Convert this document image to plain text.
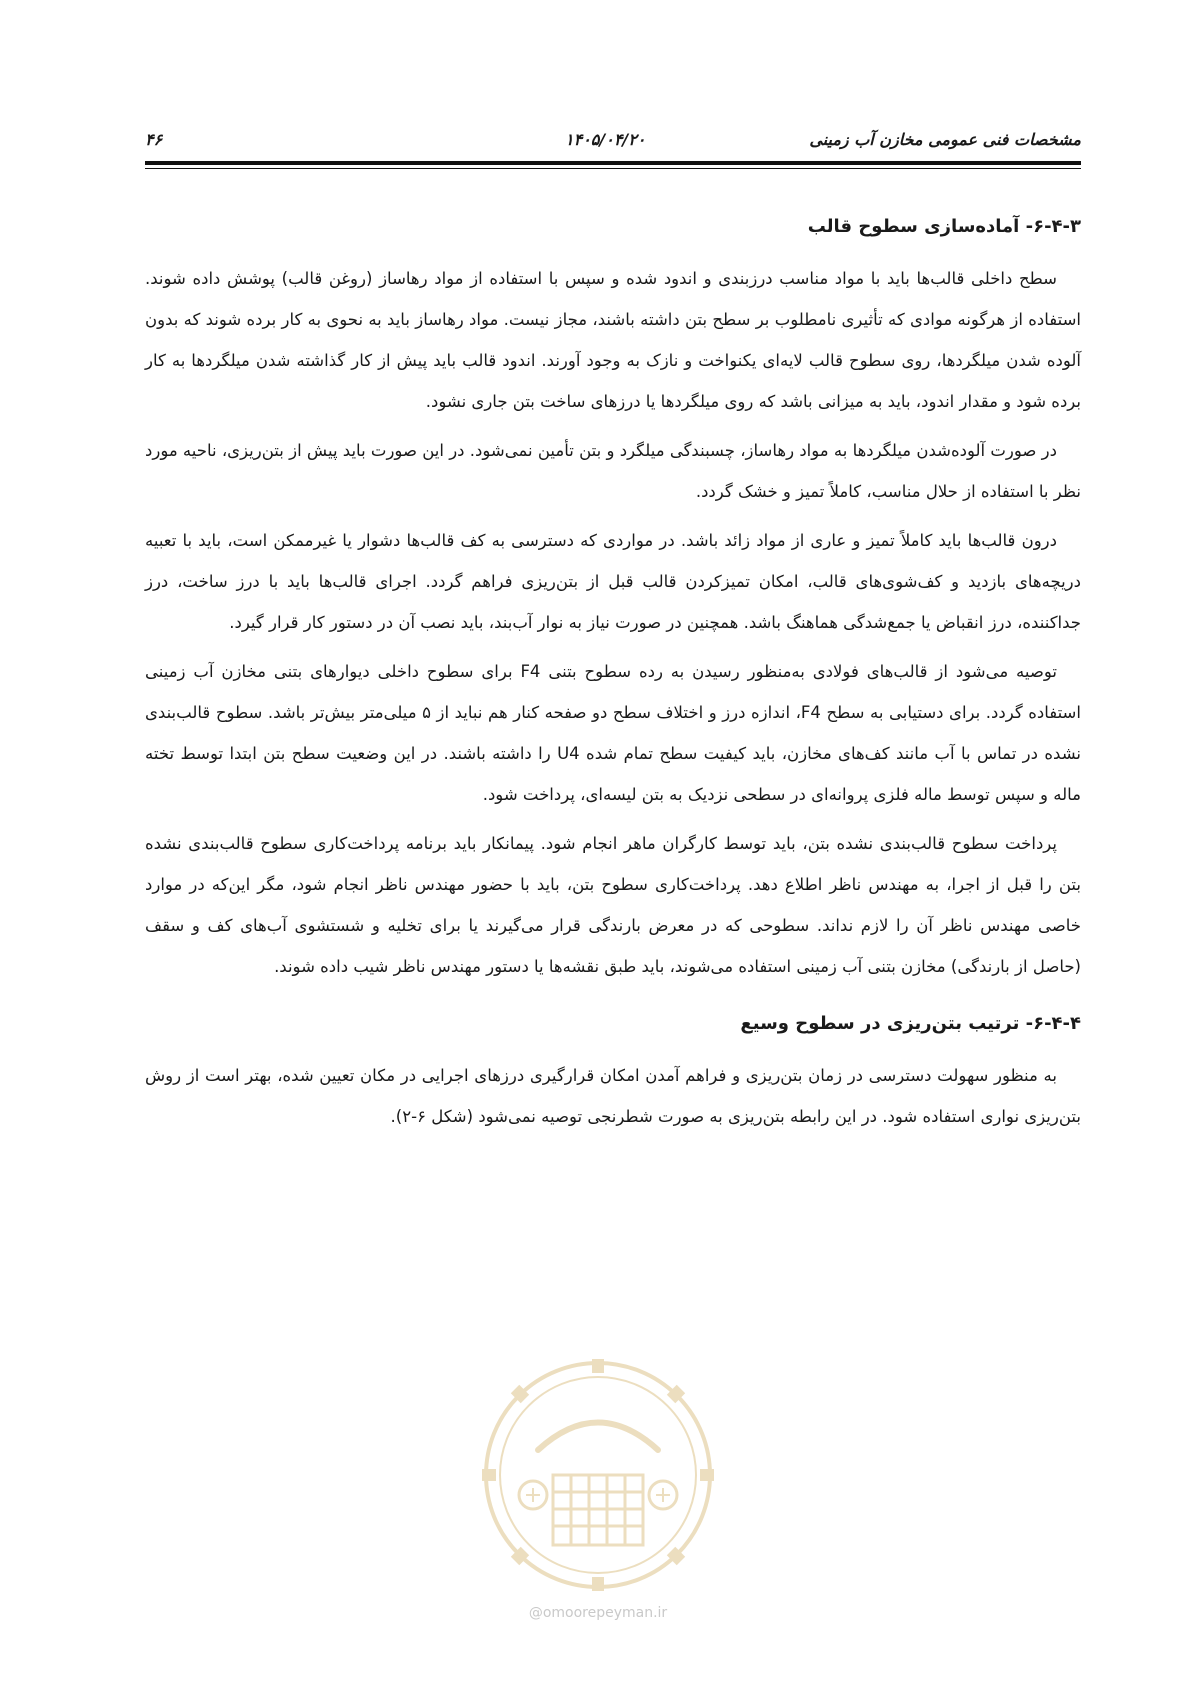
مشخصات فنی عمومی مخازن آب زمینی
۱۴۰۵/۰۴/۲۰
۴۶
۶-۴-۳- آماده‌سازی سطوح قالب

سطح داخلی قالب‌ها باید با مواد مناسب درزبندی و اندود شده و سپس با استفاده از مواد رهاساز (روغن قالب) پوشش داده شوند. استفاده از هرگونه موادی که تأثیری نامطلوب بر سطح بتن داشته باشند، مجاز نیست. مواد رهاساز باید به نحوی به کار برده شوند که بدون آلوده شدن میلگردها، روی سطوح قالب لایه‌ای یکنواخت و نازک به وجود آورند. اندود قالب باید پیش از کار گذاشته شدن میلگردها به کار برده شود و مقدار اندود، باید به میزانی باشد که روی میلگردها یا درزهای ساخت بتن جاری نشود.

در صورت آلوده‌شدن میلگردها به مواد رهاساز، چسبندگی میلگرد و بتن تأمین نمی‌شود. در این صورت باید پیش از بتن‌ریزی، ناحیه مورد نظر با استفاده از حلال مناسب، کاملاً تمیز و خشک گردد.

درون قالب‌ها باید کاملاً تمیز و عاری از مواد زائد باشد. در مواردی که دسترسی به کف قالب‌ها دشوار یا غیرممکن است، باید با تعبیه دریچه‌های بازدید و کف‌شوی‌های قالب، امکان تمیزکردن قالب قبل از بتن‌ریزی فراهم گردد. اجرای قالب‌ها باید با درز ساخت، درز جداکننده، درز انقباض یا جمع‌شدگی هماهنگ باشد. همچنین در صورت نیاز به نوار آب‌بند، باید نصب آن در دستور کار قرار گیرد.

توصیه می‌شود از قالب‌های فولادی به‌منظور رسیدن به رده سطوح بتنی F4 برای سطوح داخلی دیوارهای بتنی مخازن آب زمینی استفاده گردد. برای دستیابی به سطح F4، اندازه درز و اختلاف سطح دو صفحه کنار هم نباید از ۵ میلی‌متر بیش‌تر باشد. سطوح قالب‌بندی نشده در تماس با آب مانند کف‌های مخازن، باید کیفیت سطح تمام شده U4 را داشته باشند. در این وضعیت سطح بتن ابتدا توسط تخته ماله و سپس توسط ماله فلزی پروانه‌ای در سطحی نزدیک به بتن لیسه‌ای، پرداخت شود.

پرداخت سطوح قالب‌بندی نشده بتن، باید توسط کارگران ماهر انجام شود. پیمانکار باید برنامه پرداخت‌کاری سطوح قالب‌بندی نشده بتن را قبل از اجرا، به مهندس ناظر اطلاع دهد. پرداخت‌کاری سطوح بتن، باید با حضور مهندس ناظر انجام شود، مگر این‌که در موارد خاصی مهندس ناظر آن را لازم نداند. سطوحی که در معرض بارندگی قرار می‌گیرند یا برای تخلیه و شستشوی آب‌های کف و سقف (حاصل از بارندگی) مخازن بتنی آب زمینی استفاده می‌شوند، باید طبق نقشه‌ها یا دستور مهندس ناظر شیب داده شوند.

۶-۴-۴- ترتیب بتن‌ریزی در سطوح وسیع

به منظور سهولت دسترسی در زمان بتن‌ریزی و فراهم آمدن امکان قرارگیری درزهای اجرایی در مکان تعیین شده، بهتر است از روش بتن‌ریزی نواری استفاده شود. در این رابطه بتن‌ریزی به صورت شطرنجی توصیه نمی‌شود (شکل ۶-۲).

@omoorepeyman.ir
